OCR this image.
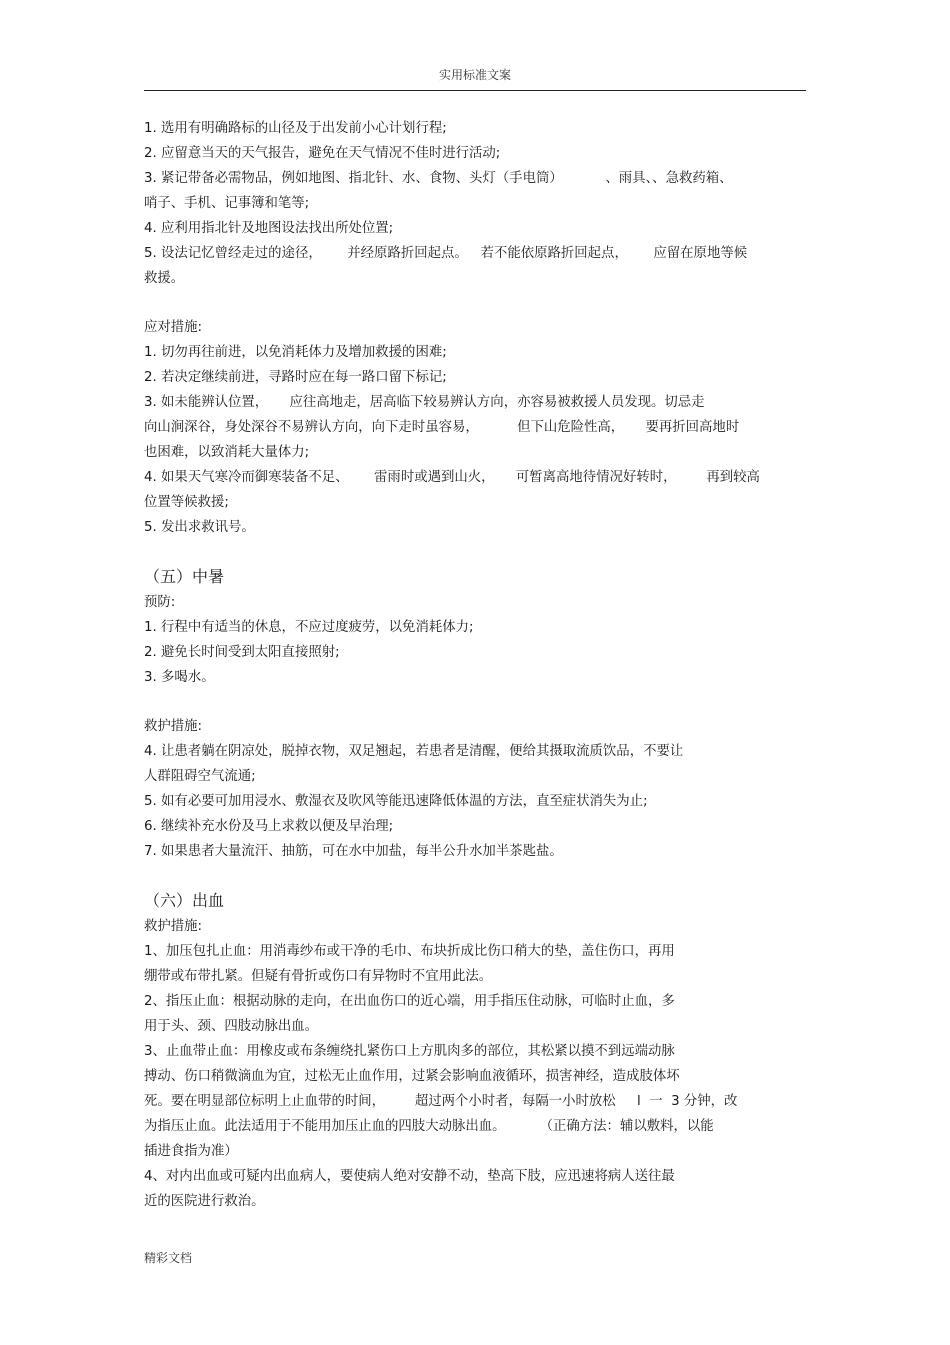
实用标准文案
1. 选用有明确路标的山径及于出发前小心计划行程;
2. 应留意当天的天气报告，避免在天气情况不佳时进行活动;
3. 紧记带备必需物品，例如地图、指北针、水、食物、头灯（手电筒）          、雨具、、急救药箱、
哨子、手机、记事簿和笔等;
4. 应利用指北针及地图设法找出所处位置;
5. 设法记忆曾经走过的途径，      并经原路折回起点。   若不能依原路折回起点，      应留在原地等候
救援。
应对措施:
1. 切勿再往前进，以免消耗体力及增加救援的困难;
2. 若决定继续前进，寻路时应在每一路口留下标记;
3. 如未能辨认位置，     应往高地走，居高临下较易辨认方向，亦容易被救援人员发现。切忌走
向山涧深谷，身处深谷不易辨认方向，向下走时虽容易，         但下山危险性高，     要再折回高地时
也困难，以致消耗大量体力;
4. 如果天气寒冷而御寒装备不足、      雷雨时或遇到山火，     可暂离高地待情况好转时，       再到较高
位置等候救援;
5. 发出求救讯号。
（五）中暑
预防:
1. 行程中有适当的休息，不应过度疲劳，以免消耗体力;
2. 避免长时间受到太阳直接照射;
3. 多喝水。
救护措施:
4. 让患者躺在阴凉处，脱掉衣物，双足翘起，若患者是清醒，便给其摄取流质饮品，不要让
人群阻碍空气流通;
5. 如有必要可加用浸水、敷湿衣及吹风等能迅速降低体温的方法，直至症状消失为止;
6. 继续补充水份及马上求救以便及早治理;
7. 如果患者大量流汗、抽筋，可在水中加盐，每半公升水加半茶匙盐。
（六）出血
救护措施:
1、加压包扎止血：用消毒纱布或干净的毛巾、布块折成比伤口稍大的垫，盖住伤口，再用
绷带或布带扎紧。但疑有骨折或伤口有异物时不宜用此法。
2、指压止血：根据动脉的走向，在出血伤口的近心端，用手指压住动脉，可临时止血，多
用于头、颈、四肢动脉出血。
3、止血带止血：用橡皮或布条缠绕扎紧伤口上方肌肉多的部位，其松紧以摸不到远端动脉
搏动、伤口稍微滴血为宜，过松无止血作用，过紧会影响血液循环，损害神经，造成肢体坏
死。要在明显部位标明上止血带的时间，       超过两个小时者，每隔一小时放松     l  一  3 分钟，改
为指压止血。此法适用于不能用加压止血的四肢大动脉出血。        （正确方法：辅以敷料，以能
插进食指为准）
4、对内出血或可疑内出血病人，要使病人绝对安静不动，垫高下肢，应迅速将病人送往最
近的医院进行救治。
精彩文档
